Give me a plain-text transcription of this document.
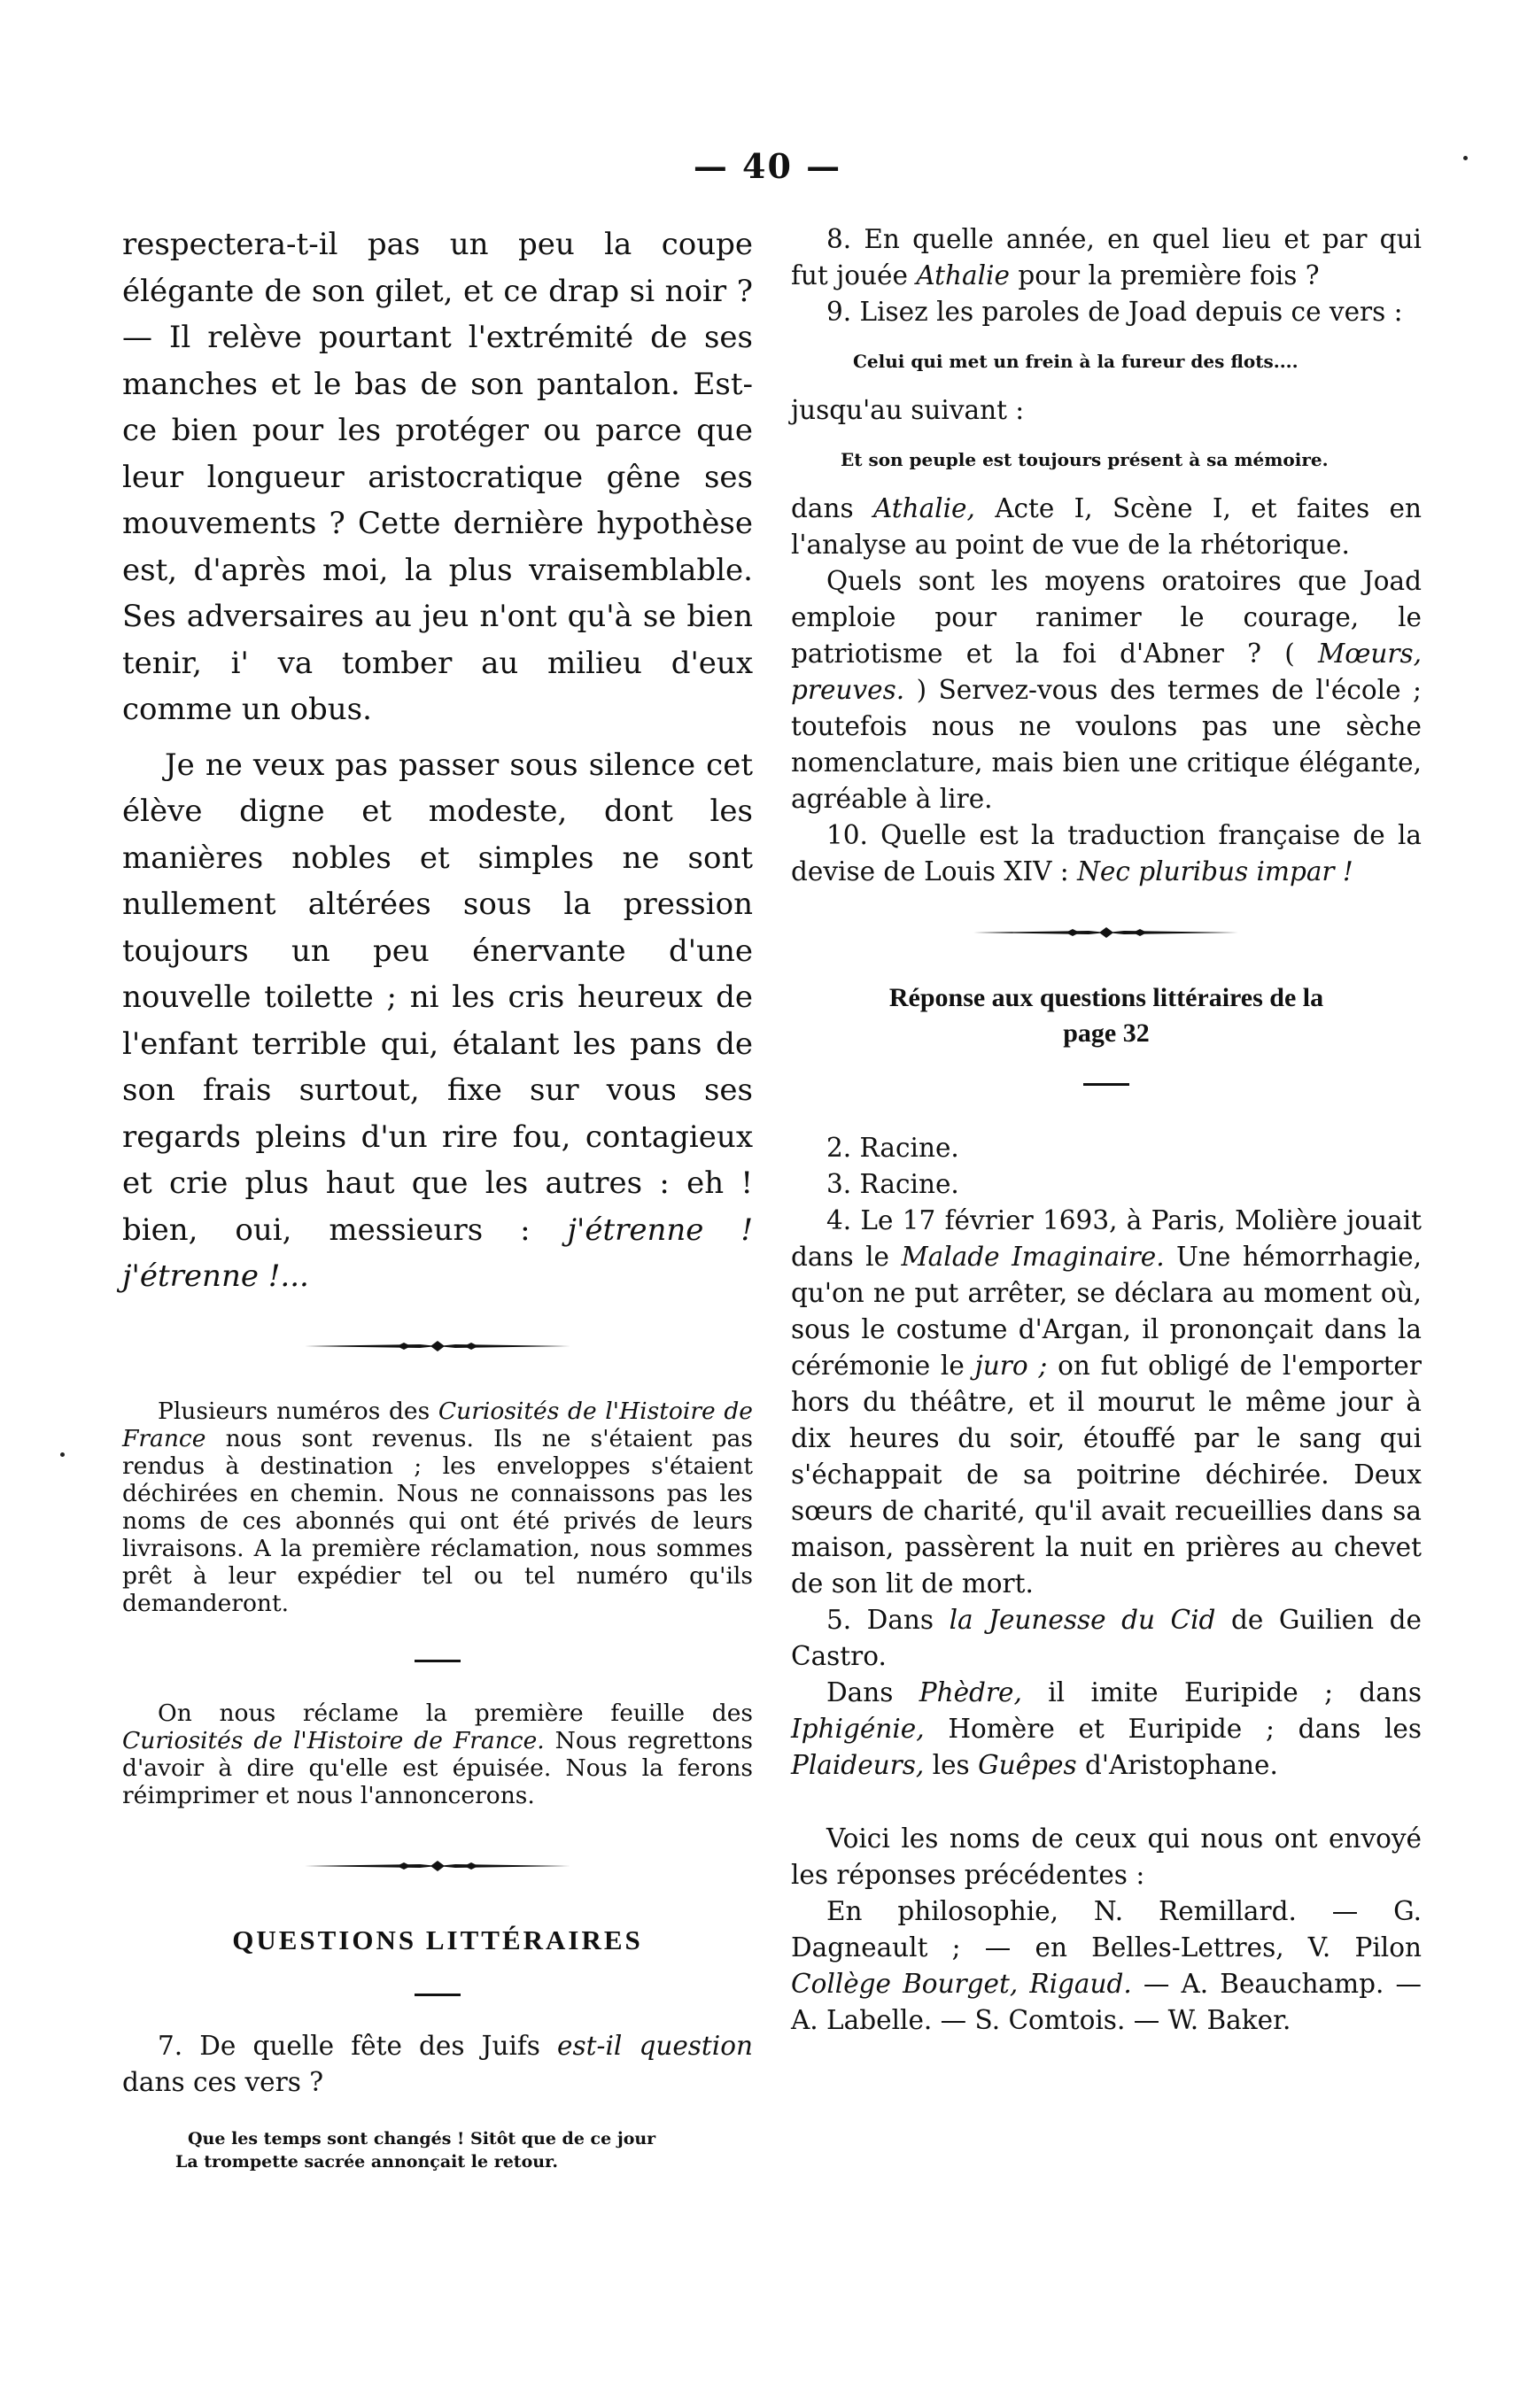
— 40 —

respectera-t-il pas un peu la coupe élégante de son gilet, et ce drap si noir ? — Il relève pourtant l'extrémité de ses manches et le bas de son pantalon. Est-ce bien pour les protéger ou parce que leur longueur aristocratique gêne ses mouvements ? Cette dernière hypothèse est, d'après moi, la plus vraisemblable. Ses adversaires au jeu n'ont qu'à se bien tenir, i' va tomber au milieu d'eux comme un obus.

Je ne veux pas passer sous silence cet élève digne et modeste, dont les manières nobles et simples ne sont nullement altérées sous la pression toujours un peu énervante d'une nouvelle toilette ; ni les cris heureux de l'enfant terrible qui, étalant les pans de son frais surtout, fixe sur vous ses regards pleins d'un rire fou, contagieux et crie plus haut que les autres : eh ! bien, oui, messieurs : j'étrenne ! j'étrenne !...

Plusieurs numéros des Curiosités de l'Histoire de France nous sont revenus. Ils ne s'étaient pas rendus à destination ; les enveloppes s'étaient déchirées en chemin. Nous ne connaissons pas les noms de ces abonnés qui ont été privés de leurs livraisons. A la première réclamation, nous sommes prêt à leur expédier tel ou tel numéro qu'ils demanderont.

On nous réclame la première feuille des Curiosités de l'Histoire de France. Nous regrettons d'avoir à dire qu'elle est épuisée. Nous la ferons réimprimer et nous l'annoncerons.

QUESTIONS LITTÉRAIRES

7. De quelle fête des Juifs est-il question dans ces vers ?

Que les temps sont changés ! Sitôt que de ce jour

La trompette sacrée annonçait le retour.

8. En quelle année, en quel lieu et par qui fut jouée Athalie pour la première fois ?

9. Lisez les paroles de Joad depuis ce vers :

Celui qui met un frein à la fureur des flots....

jusqu'au suivant :

Et son peuple est toujours présent à sa mémoire.

dans Athalie, Acte I, Scène I, et faites en l'analyse au point de vue de la rhétorique.

Quels sont les moyens oratoires que Joad emploie pour ranimer le courage, le patriotisme et la foi d'Abner ? ( Mœurs, preuves. ) Servez-vous des termes de l'école ; toutefois nous ne voulons pas une sèche nomenclature, mais bien une critique élégante, agréable à lire.

10. Quelle est la traduction française de la devise de Louis XIV : Nec pluribus impar !

Réponse aux questions littéraires de la
page 32

2. Racine.

3. Racine.

4. Le 17 février 1693, à Paris, Molière jouait dans le Malade Imaginaire. Une hémorrhagie, qu'on ne put arrêter, se déclara au moment où, sous le costume d'Argan, il prononçait dans la cérémonie le juro ; on fut obligé de l'emporter hors du théâtre, et il mourut le même jour à dix heures du soir, étouffé par le sang qui s'échappait de sa poitrine déchirée. Deux sœurs de charité, qu'il avait recueillies dans sa maison, passèrent la nuit en prières au chevet de son lit de mort.

5. Dans la Jeunesse du Cid de Guilien de Castro.

Dans Phèdre, il imite Euripide ; dans Iphigénie, Homère et Euripide ; dans les Plaideurs, les Guêpes d'Aristophane.

Voici les noms de ceux qui nous ont envoyé les réponses précédentes :

En philosophie, N. Remillard. — G. Dagneault ; — en Belles-Lettres, V. Pilon Collège Bourget, Rigaud. — A. Beauchamp. — A. Labelle. — S. Comtois. — W. Baker.
